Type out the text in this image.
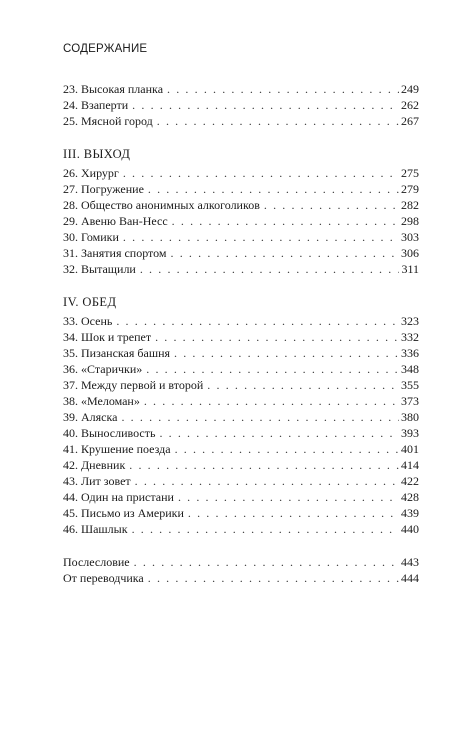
СОДЕРЖАНИЕ
23. Высокая планка . . .	249
24. Взаперти . . .	262
25. Мясной город . . .	267
III. ВЫХОД
26. Хирург . . .	275
27. Погружение . . .	279
28. Общество анонимных алкоголиков . . .	282
29. Авеню Ван-Несс . . .	298
30. Гомики . . .	303
31. Занятия спортом . . .	306
32. Вытащили . . .	311
IV. ОБЕД
33. Осень . . .	323
34. Шок и трепет . . .	332
35. Пизанская башня . . .	336
36. «Старички» . . .	348
37. Между первой и второй . . .	355
38. «Меломан» . . .	373
39. Аляска . . .	380
40. Выносливость . . .	393
41. Крушение поезда . . .	401
42. Дневник . . .	414
43. Лит зовет . . .	422
44. Один на пристани . . .	428
45. Письмо из Америки . . .	439
46. Шашлык . . .	440
Послесловие . . .	443
От переводчика . . .	444
